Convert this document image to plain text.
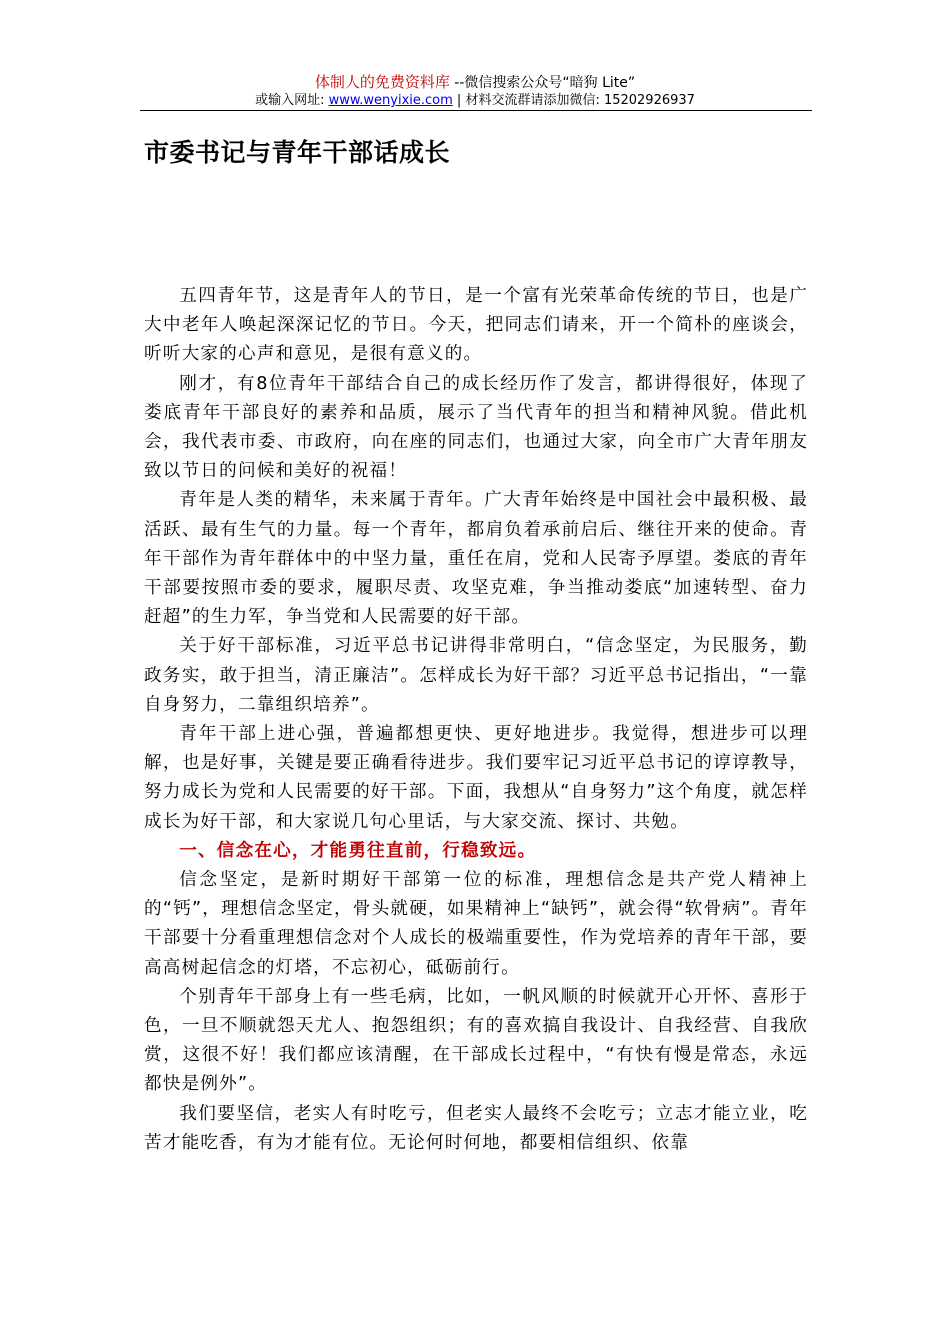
体制人的免费资料库 --微信搜索公众号“暗狗 Lite”
或输入网址: www.wenyixie.com | 材料交流群请添加微信: 15202926937
市委书记与青年干部话成长

五四青年节，这是青年人的节日，是一个富有光荣革命传统的节日，也是广大中老年人唤起深深记忆的节日。今天，把同志们请来，开一个简朴的座谈会，听听大家的心声和意见，是很有意义的。

刚才，有8位青年干部结合自己的成长经历作了发言，都讲得很好，体现了娄底青年干部良好的素养和品质，展示了当代青年的担当和精神风貌。借此机会，我代表市委、市政府，向在座的同志们，也通过大家，向全市广大青年朋友致以节日的问候和美好的祝福！

青年是人类的精华，未来属于青年。广大青年始终是中国社会中最积极、最活跃、最有生气的力量。每一个青年，都肩负着承前启后、继往开来的使命。青年干部作为青年群体中的中坚力量，重任在肩，党和人民寄予厚望。娄底的青年干部要按照市委的要求，履职尽责、攻坚克难，争当推动娄底“加速转型、奋力赶超”的生力军，争当党和人民需要的好干部。

关于好干部标准，习近平总书记讲得非常明白，“信念坚定，为民服务，勤政务实，敢于担当，清正廉洁”。怎样成长为好干部？习近平总书记指出，“一靠自身努力，二靠组织培养”。

青年干部上进心强，普遍都想更快、更好地进步。我觉得，想进步可以理解，也是好事，关键是要正确看待进步。我们要牢记习近平总书记的谆谆教导，努力成长为党和人民需要的好干部。下面，我想从“自身努力”这个角度，就怎样成长为好干部，和大家说几句心里话，与大家交流、探讨、共勉。

一、信念在心，才能勇往直前，行稳致远。

信念坚定，是新时期好干部第一位的标准，理想信念是共产党人精神上的“钙”，理想信念坚定，骨头就硬，如果精神上“缺钙”，就会得“软骨病”。青年干部要十分看重理想信念对个人成长的极端重要性，作为党培养的青年干部，要高高树起信念的灯塔，不忘初心，砥砺前行。

个别青年干部身上有一些毛病，比如，一帆风顺的时候就开心开怀、喜形于色，一旦不顺就怨天尤人、抱怨组织；有的喜欢搞自我设计、自我经营、自我欣赏，这很不好！我们都应该清醒，在干部成长过程中，“有快有慢是常态，永远都快是例外”。

我们要坚信，老实人有时吃亏，但老实人最终不会吃亏；立志才能立业，吃苦才能吃香，有为才能有位。无论何时何地，都要相信组织、依靠
